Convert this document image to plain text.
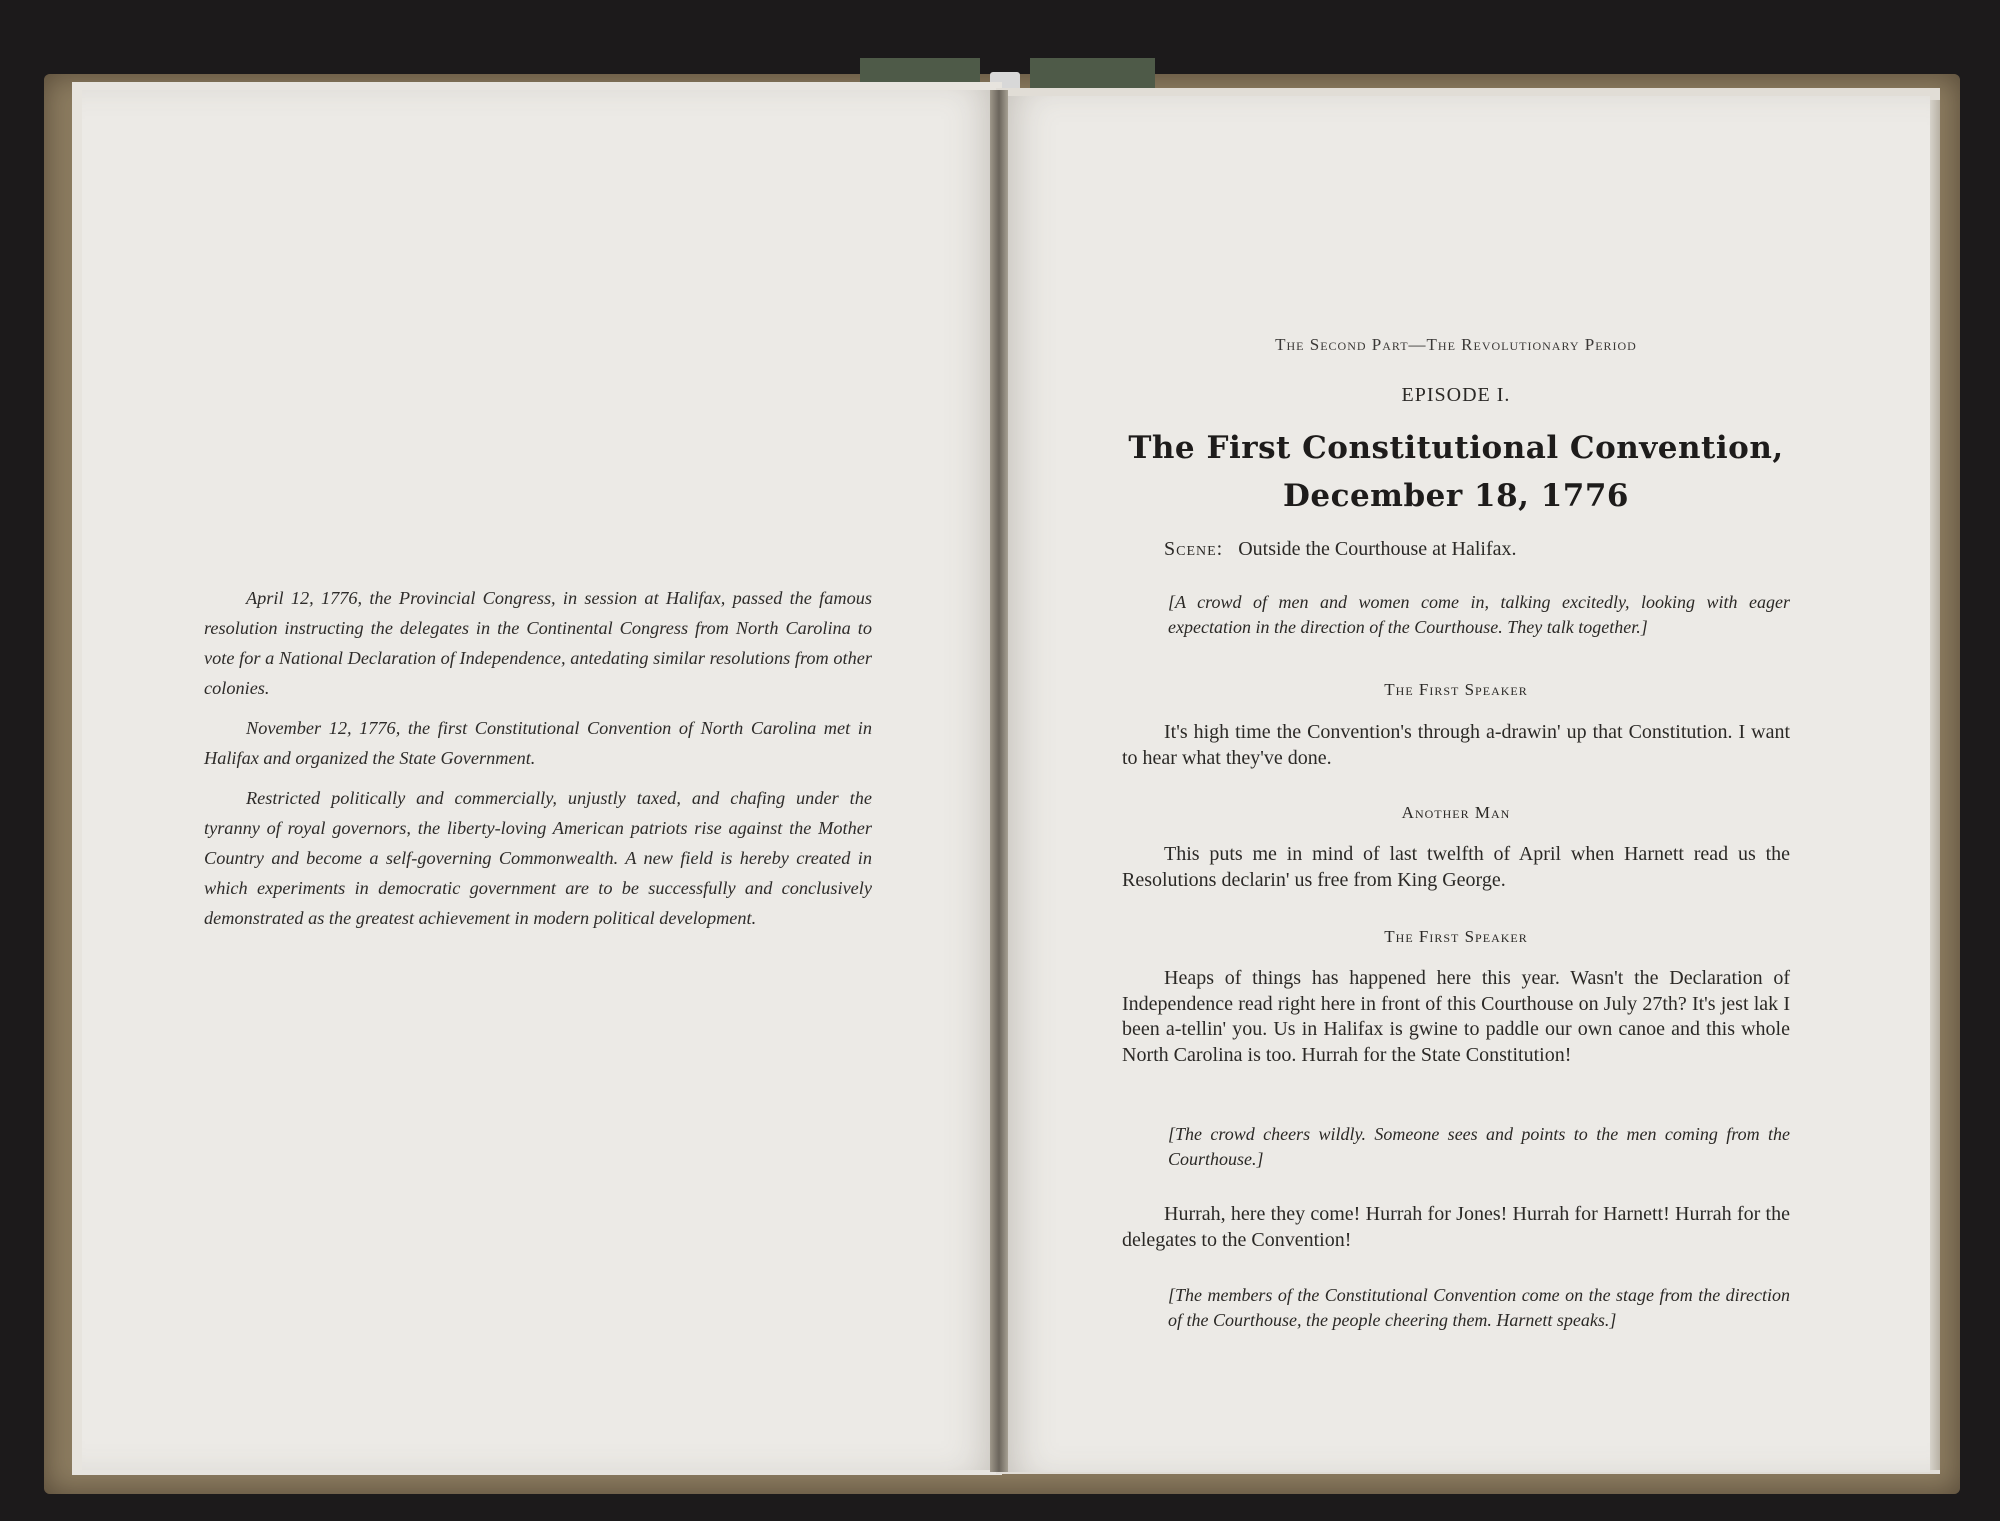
April 12, 1776, the Provincial Congress, in session at Halifax, passed the famous resolution instructing the delegates in the Continental Congress from North Carolina to vote for a National Declaration of Independence, antedating similar resolutions from other colonies.

November 12, 1776, the first Constitutional Convention of North Carolina met in Halifax and organized the State Government.

Restricted politically and commercially, unjustly taxed, and chafing under the tyranny of royal governors, the liberty-loving American patriots rise against the Mother Country and become a self-governing Commonwealth. A new field is hereby created in which experiments in democratic government are to be successfully and conclusively demonstrated as the greatest achievement in modern political development.

The Second Part—The Revolutionary Period
EPISODE I.
The First Constitutional Convention,
December 18, 1776
Scene: Outside the Courthouse at Halifax.
[A crowd of men and women come in, talking excitedly, looking with eager expectation in the direction of the Courthouse. They talk together.]
The First Speaker

It's high time the Convention's through a-drawin' up that Constitution. I want to hear what they've done.

Another Man

This puts me in mind of last twelfth of April when Harnett read us the Resolutions declarin' us free from King George.

The First Speaker

Heaps of things has happened here this year. Wasn't the Declaration of Independence read right here in front of this Courthouse on July 27th? It's jest lak I been a-tellin' you. Us in Halifax is gwine to paddle our own canoe and this whole North Carolina is too. Hurrah for the State Constitution!

[The crowd cheers wildly. Someone sees and points to the men coming from the Courthouse.]

Hurrah, here they come! Hurrah for Jones! Hurrah for Harnett! Hurrah for the delegates to the Convention!

[The members of the Constitutional Convention come on the stage from the direction of the Courthouse, the people cheering them. Harnett speaks.]
